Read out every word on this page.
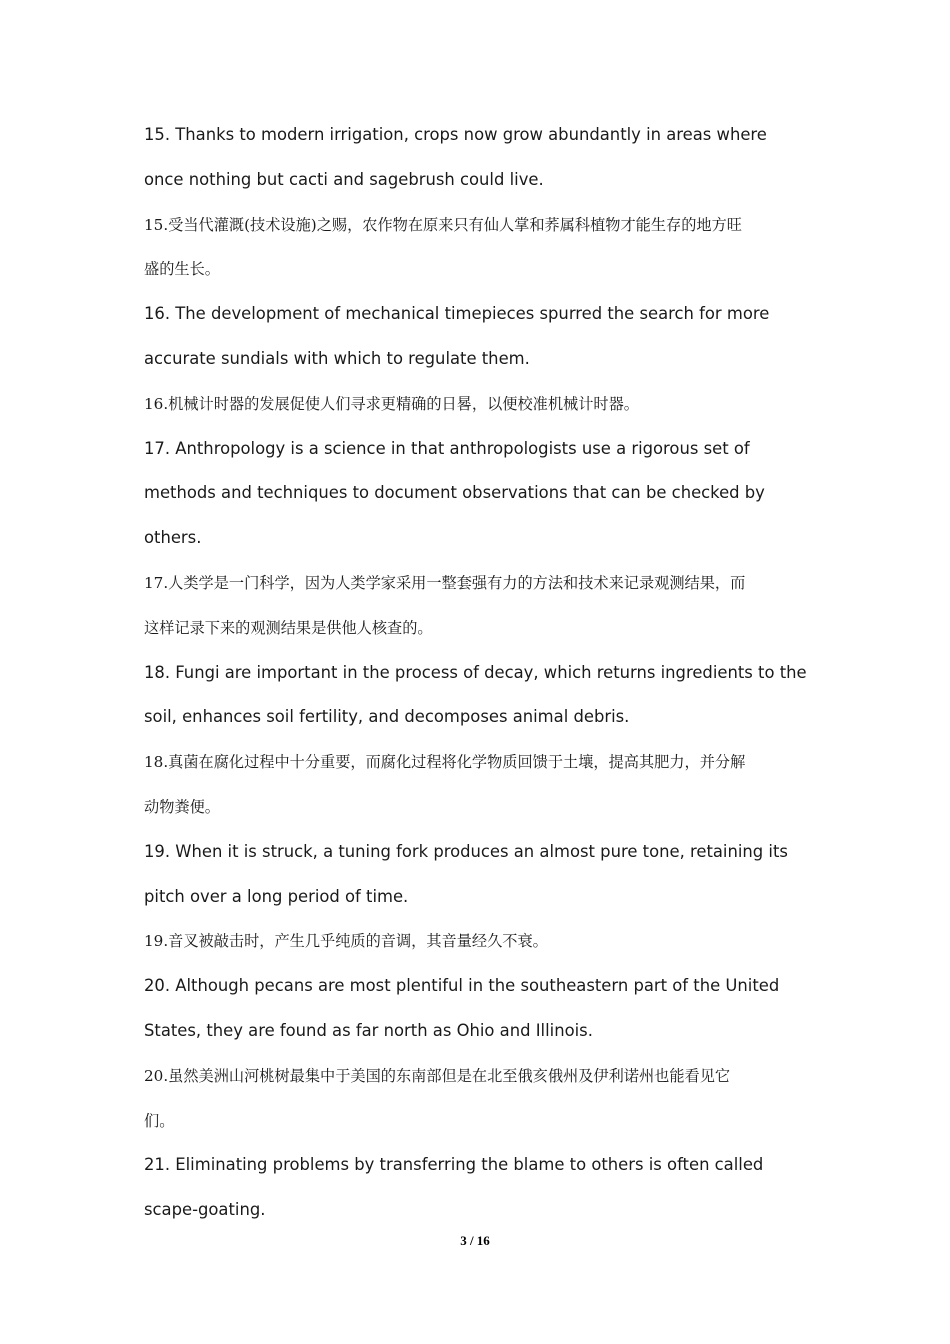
15. Thanks to modern irrigation, crops now grow abundantly in areas where
once nothing but cacti and sagebrush could live.
15.受当代灌溉(技术设施)之赐，农作物在原来只有仙人掌和荞属科植物才能生存的地方旺
盛的生长。
16. The development of mechanical timepieces spurred the search for more
accurate sundials with which to regulate them.
16.机械计时器的发展促使人们寻求更精确的日晷，以便校准机械计时器。
17. Anthropology is a science in that anthropologists use a rigorous set of
methods and techniques to document observations that can be checked by
others.
17.人类学是一门科学，因为人类学家采用一整套强有力的方法和技术来记录观测结果，而
这样记录下来的观测结果是供他人核查的。
18. Fungi are important in the process of decay, which returns ingredients to the
soil, enhances soil fertility, and decomposes animal debris.
18.真菌在腐化过程中十分重要，而腐化过程将化学物质回馈于土壤，提高其肥力，并分解
动物粪便。
19. When it is struck, a tuning fork produces an almost pure tone, retaining its
pitch over a long period of time.
19.音叉被敲击时，产生几乎纯质的音调，其音量经久不衰。
20. Although pecans are most plentiful in the southeastern part of the United
States, they are found as far north as Ohio and Illinois.
20.虽然美洲山河桃树最集中于美国的东南部但是在北至俄亥俄州及伊利诺州也能看见它
们。
21. Eliminating problems by transferring the blame to others is often called
scape-goating.
3 / 16
